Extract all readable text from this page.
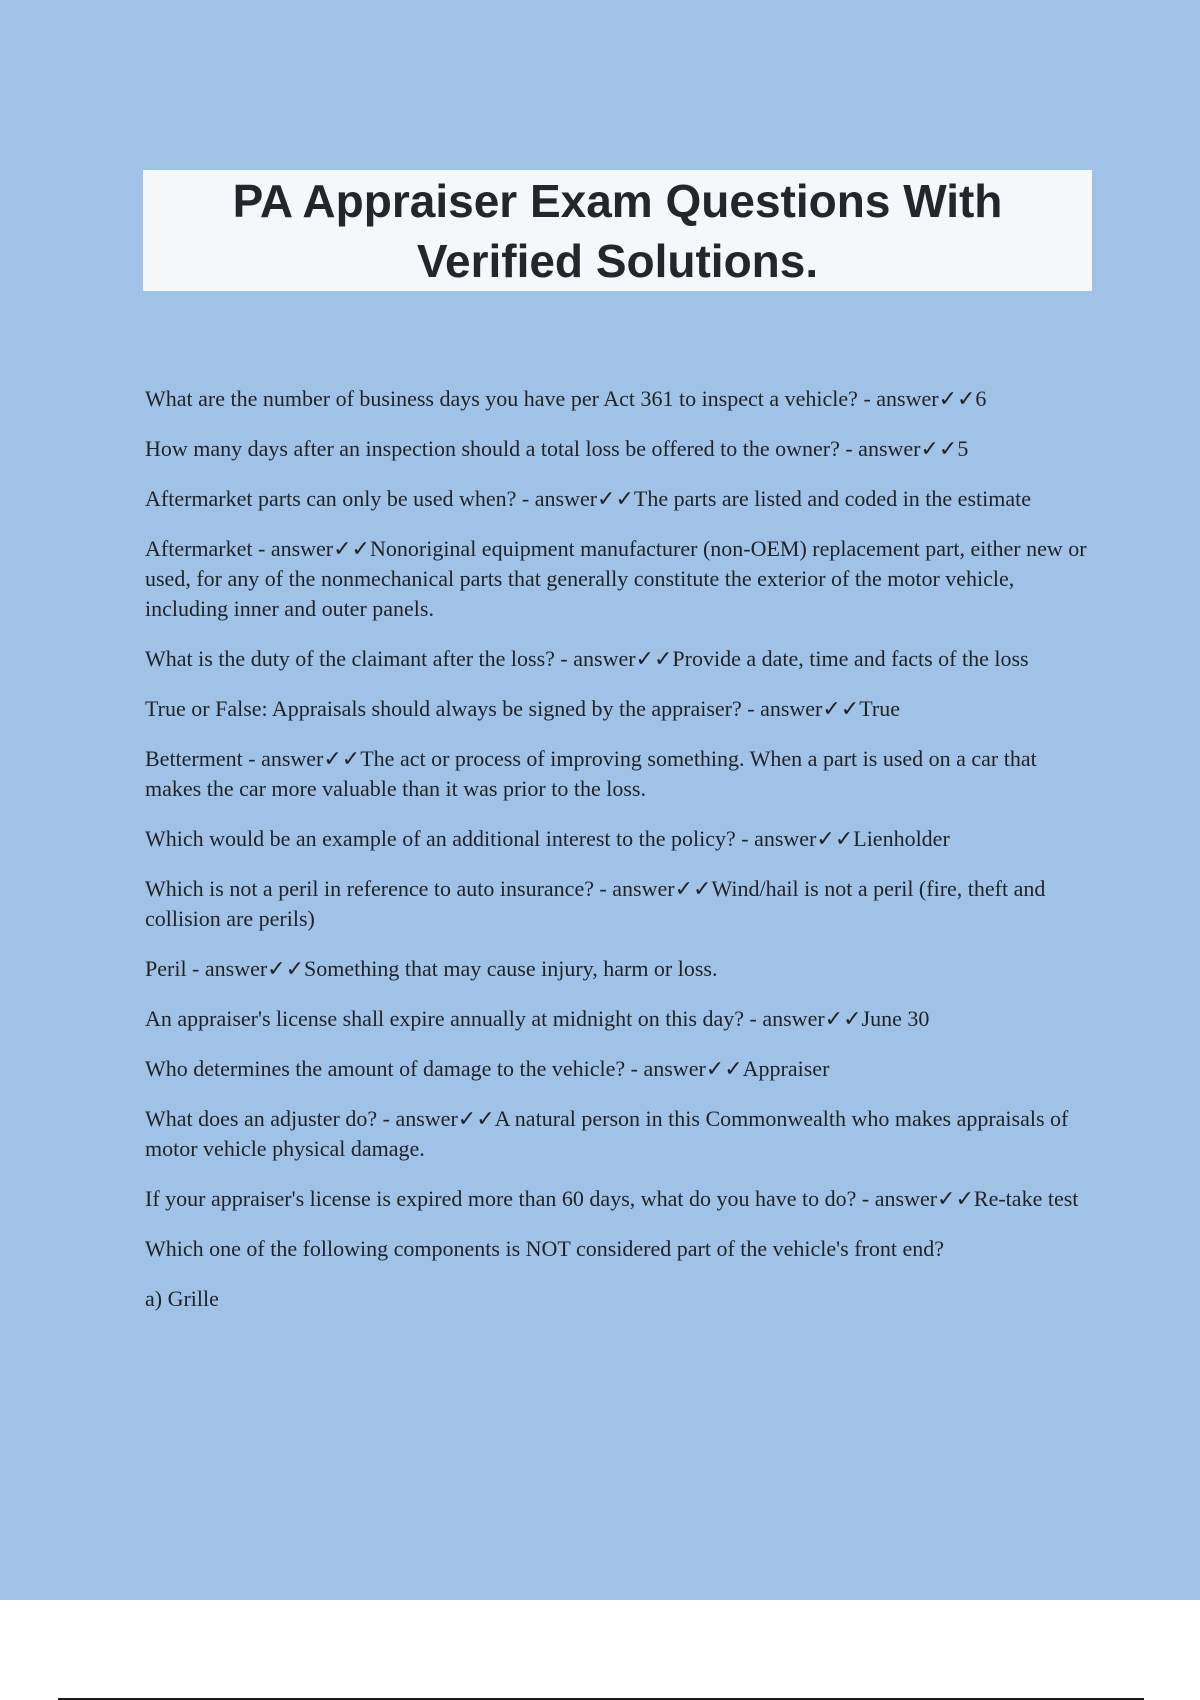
PA Appraiser Exam Questions With Verified Solutions.

What are the number of business days you have per Act 361 to inspect a vehicle? - answer✓✓6

How many days after an inspection should a total loss be offered to the owner? - answer✓✓5

Aftermarket parts can only be used when? - answer✓✓The parts are listed and coded in the estimate

Aftermarket - answer✓✓Nonoriginal equipment manufacturer (non-OEM) replacement part, either new or used, for any of the nonmechanical parts that generally constitute the exterior of the motor vehicle, including inner and outer panels.

What is the duty of the claimant after the loss? - answer✓✓Provide a date, time and facts of the loss

True or False: Appraisals should always be signed by the appraiser? - answer✓✓True

Betterment - answer✓✓The act or process of improving something. When a part is used on a car that makes the car more valuable than it was prior to the loss.

Which would be an example of an additional interest to the policy? - answer✓✓Lienholder

Which is not a peril in reference to auto insurance? - answer✓✓Wind/hail is not a peril (fire, theft and collision are perils)

Peril - answer✓✓Something that may cause injury, harm or loss.

An appraiser's license shall expire annually at midnight on this day? - answer✓✓June 30

Who determines the amount of damage to the vehicle? - answer✓✓Appraiser

What does an adjuster do? - answer✓✓A natural person in this Commonwealth who makes appraisals of motor vehicle physical damage.

If your appraiser's license is expired more than 60 days, what do you have to do? - answer✓✓Re-take test

Which one of the following components is NOT considered part of the vehicle's front end?

a) Grille
